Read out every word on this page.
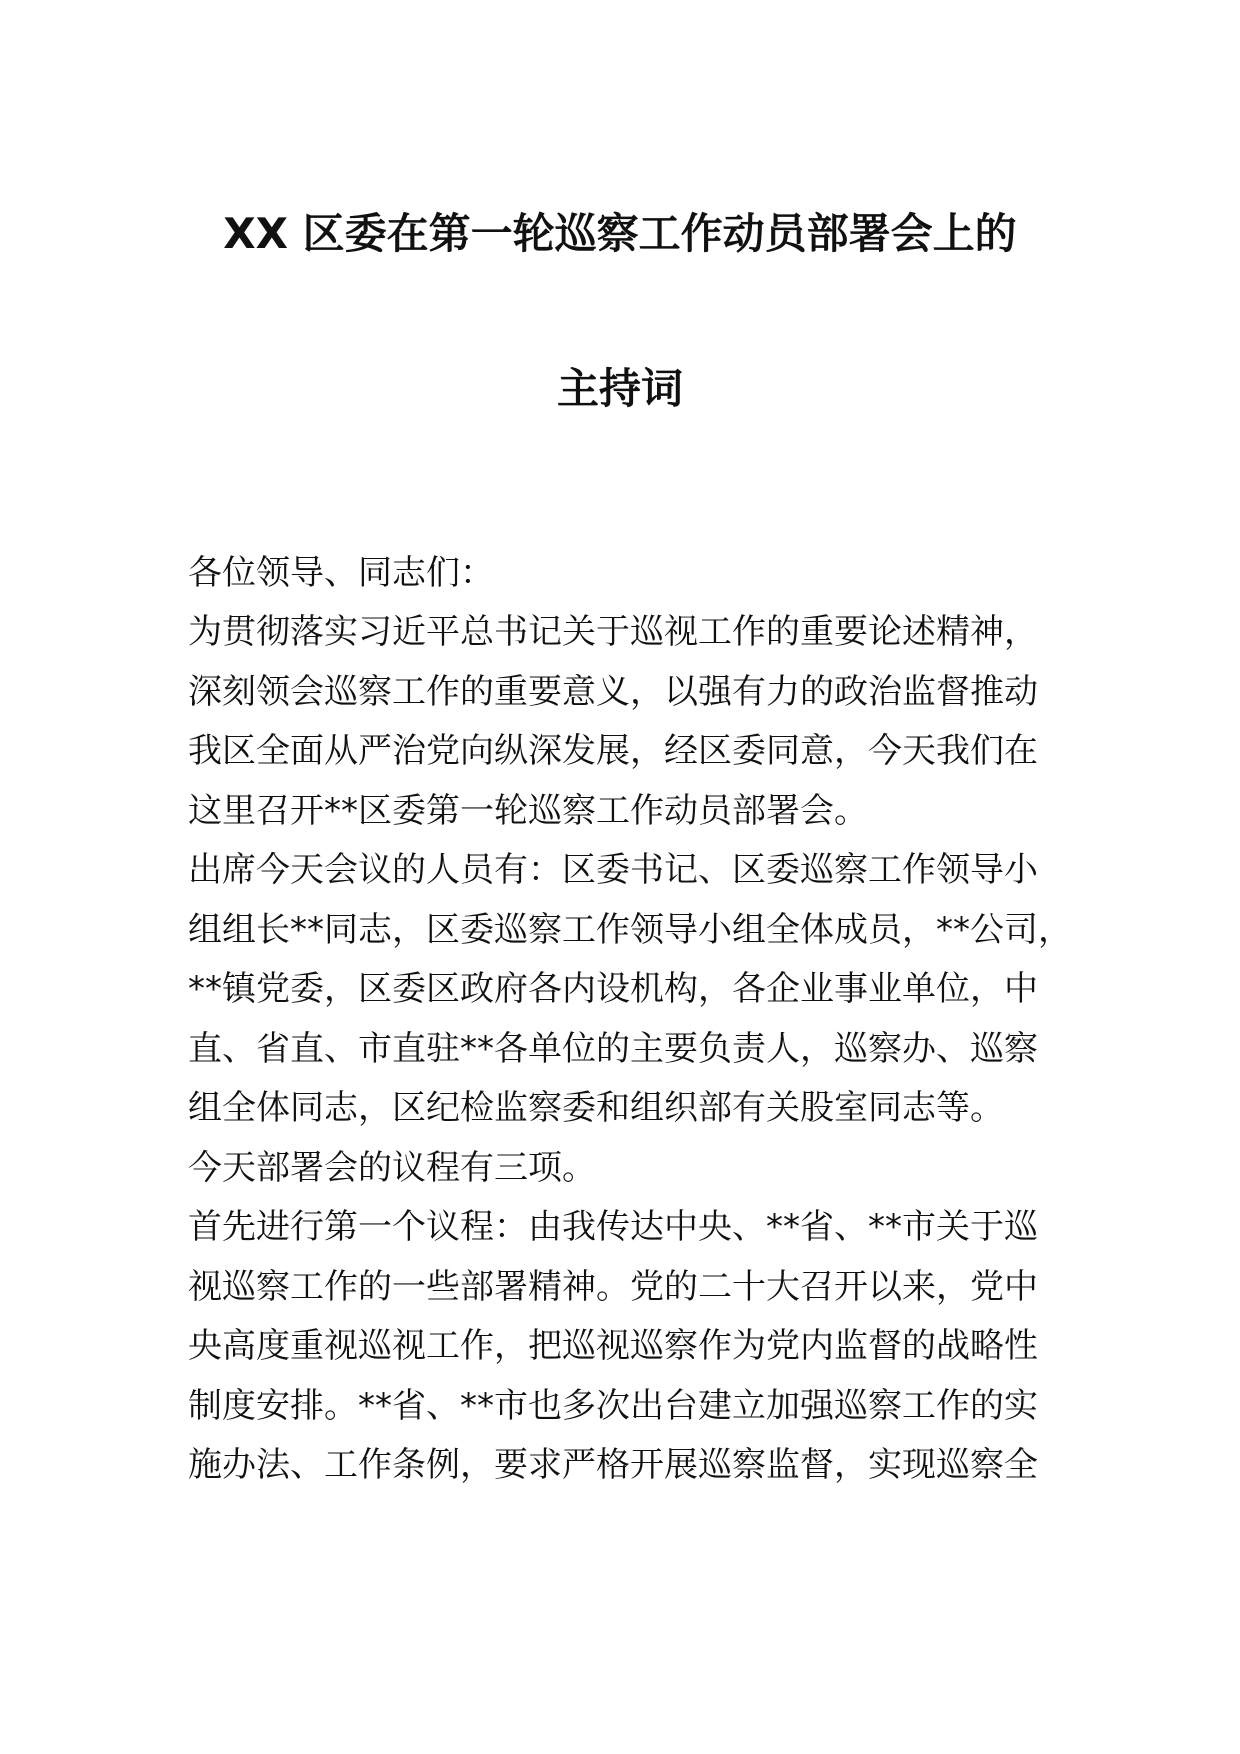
XX 区委在第一轮巡察工作动员部署会上的
主持词
各位领导、同志们：
为贯彻落实习近平总书记关于巡视工作的重要论述精神，
深刻领会巡察工作的重要意义，以强有力的政治监督推动
我区全面从严治党向纵深发展，经区委同意，今天我们在
这里召开**区委第一轮巡察工作动员部署会。
出席今天会议的人员有：区委书记、区委巡察工作领导小
组组长**同志，区委巡察工作领导小组全体成员，**公司，
**镇党委，区委区政府各内设机构，各企业事业单位，中
直、省直、市直驻**各单位的主要负责人，巡察办、巡察
组全体同志，区纪检监察委和组织部有关股室同志等。
今天部署会的议程有三项。
首先进行第一个议程：由我传达中央、**省、**市关于巡
视巡察工作的一些部署精神。党的二十大召开以来，党中
央高度重视巡视工作，把巡视巡察作为党内监督的战略性
制度安排。**省、**市也多次出台建立加强巡察工作的实
施办法、工作条例，要求严格开展巡察监督，实现巡察全
